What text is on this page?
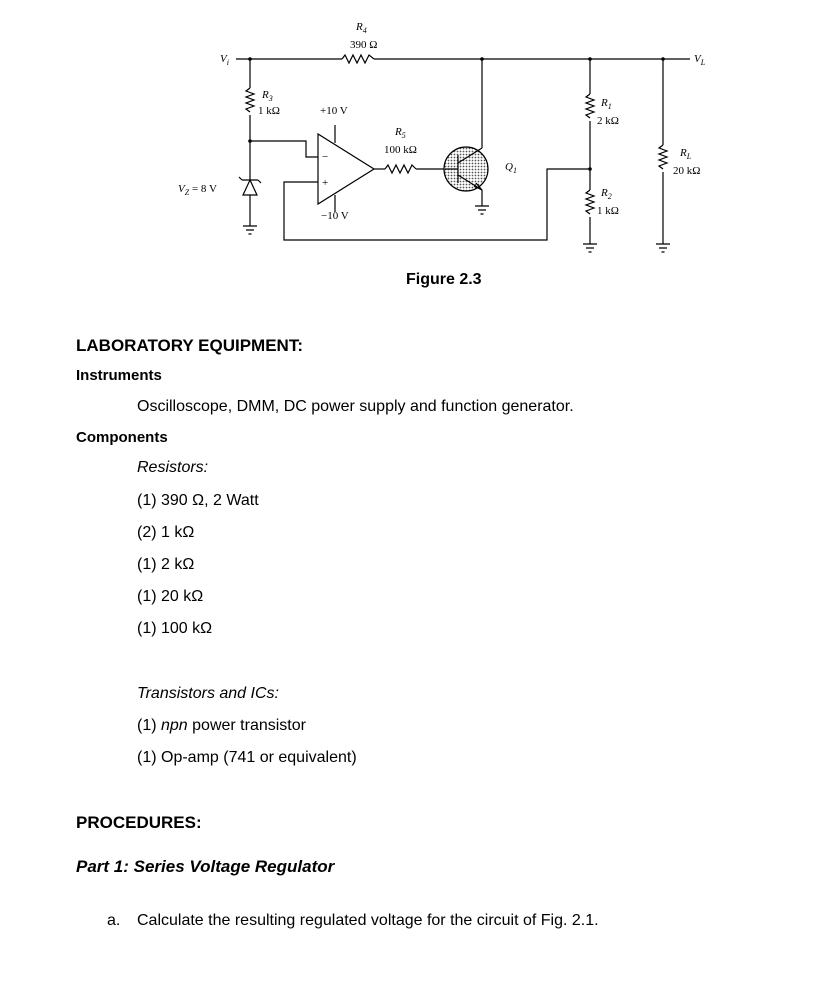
$V_i$	$V_L$
$R_4$
390 Ω
$R_3$
1 kΩ	+10 V
−10 V
−
+
$R_5$
100 kΩ
$Q_1$
$R_1$
2 kΩ
$R_2$
1 kΩ
$R_L$
20 kΩ
$V_Z = 8$ V
Figure 2.3
LABORATORY EQUIPMENT:
Instruments
Oscilloscope, DMM, DC power supply and function generator.
Components
Resistors:
(1) 390 Ω, 2 Watt
(2) 1 kΩ
(1) 2 kΩ
(1) 20 kΩ
(1) 100 kΩ
Transistors and ICs:
(1) npn power transistor
(1) Op-amp (741 or equivalent)
PROCEDURES:
Part 1: Series Voltage Regulator
a. Calculate the resulting regulated voltage for the circuit of Fig. 2.1.
